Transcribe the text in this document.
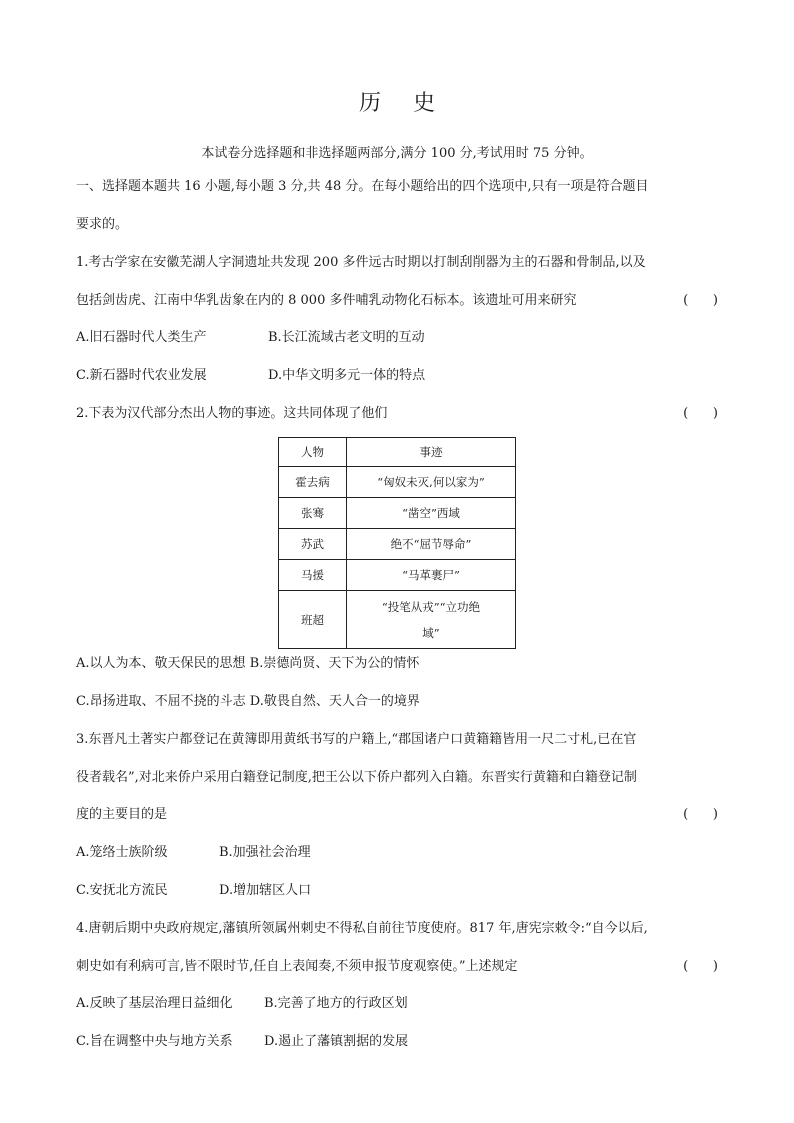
历 史
本试卷分选择题和非选择题两部分,满分 100 分,考试用时 75 分钟。
一、选择题本题共 16 小题,每小题 3 分,共 48 分。在每小题给出的四个选项中,只有一项是符合题目
要求的。
1.考古学家在安徽芜湖人字洞遗址共发现 200 多件远古时期以打制刮削器为主的石器和骨制品,以及
包括剑齿虎、江南中华乳齿象在内的 8 000 多件哺乳动物化石标本。该遗址可用来研究	(      )
A.旧石器时代人类生产	B.长江流域古老文明的互动
C.新石器时代农业发展	D.中华文明多元一体的特点
2.下表为汉代部分杰出人物的事迹。这共同体现了他们	(      )
人物	事迹
霍去病	“匈奴未灭,何以家为”
张骞	“凿空”西域
苏武	绝不“屈节辱命”
马援	“马革裹尸”
班超	“投笔从戎”“立功绝
域”
A.以人为本、敬天保民的思想 B.崇德尚贤、天下为公的情怀
C.昂扬进取、不屈不挠的斗志 D.敬畏自然、天人合一的境界
3.东晋凡土著实户都登记在黄簿即用黄纸书写的户籍上,“郡国诸户口黄籍籍皆用一尺二寸札,已在官
役者载名”,对北来侨户采用白籍登记制度,把王公以下侨户都列入白籍。东晋实行黄籍和白籍登记制
度的主要目的是	(      )
A.笼络士族阶级	B.加强社会治理
C.安抚北方流民	D.增加辖区人口
4.唐朝后期中央政府规定,藩镇所领属州刺史不得私自前往节度使府。817 年,唐宪宗敕令:“自今以后,
刺史如有利病可言,皆不限时节,任自上表闻奏,不须申报节度观察使。”上述规定	(      )
A.反映了基层治理日益细化 B.完善了地方的行政区划
C.旨在调整中央与地方关系 D.遏止了藩镇割据的发展
